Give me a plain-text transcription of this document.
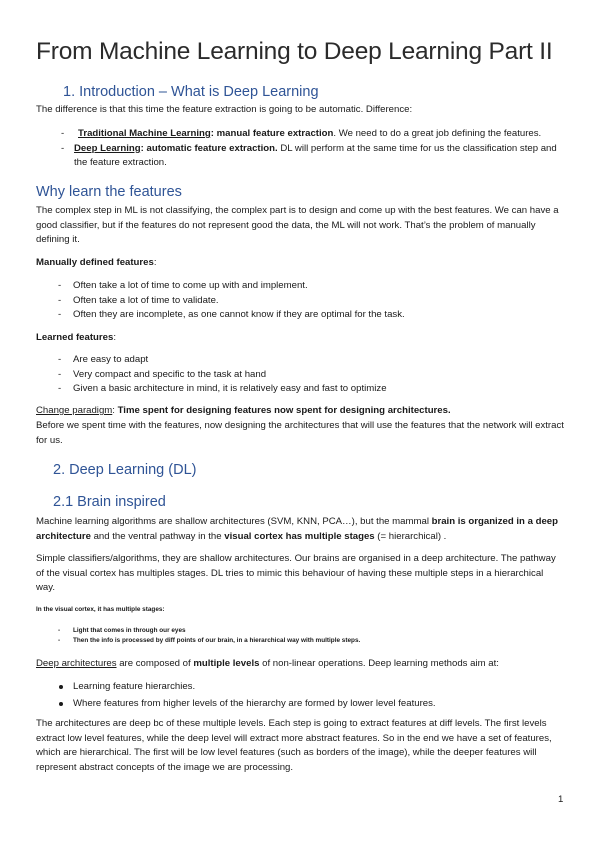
From Machine Learning to Deep Learning Part II
1. Introduction – What is Deep Learning
The difference is that this time the feature extraction is going to be automatic. Difference:
- Traditional Machine Learning: manual feature extraction. We need to do a great job defining the features.
- Deep Learning: automatic feature extraction. DL will perform at the same time for us the classification step and the feature extraction.
Why learn the features
The complex step in ML is not classifying, the complex part is to design and come up with the best features. We can have a good classifier, but if the features do not represent good the data, the ML will not work. That’s the problem of manually defining it.
Manually defined features:
- Often take a lot of time to come up with and implement.
- Often take a lot of time to validate.
- Often they are incomplete, as one cannot know if they are optimal for the task.
Learned features:
- Are easy to adapt
- Very compact and specific to the task at hand
- Given a basic architecture in mind, it is relatively easy and fast to optimize
Change paradigm: Time spent for designing features now spent for designing architectures.
Before we spent time with the features, now designing the architectures that will use the features that the network will extract for us.
2. Deep Learning (DL)
2.1 Brain inspired
Machine learning algorithms are shallow architectures (SVM, KNN, PCA…), but the mammal brain is organized in a deep architecture and the ventral pathway in the visual cortex has multiple stages (= hierarchical) .
Simple classifiers/algorithms, they are shallow architectures. Our brains are organised in a deep architecture. The pathway of the visual cortex has multiples stages. DL tries to mimic this behaviour of having these multiple steps in a hierarchical way.
In the visual cortex, it has multiple stages:
- Light that comes in through our eyes
- Then the info is processed by diff points of our brain, in a hierarchical way with multiple steps.
Deep architectures are composed of multiple levels of non-linear operations. Deep learning methods aim at:
Learning feature hierarchies.
Where features from higher levels of the hierarchy are formed by lower level features.
The architectures are deep bc of these multiple levels. Each step is going to extract features at diff levels. The first levels extract low level features, while the deep level will extract more abstract features. So in the end we have a set of features, which are hierarchical. The first will be low level features (such as borders of the image), while the deeper features will represent abstract concepts of the image we are processing.
1
